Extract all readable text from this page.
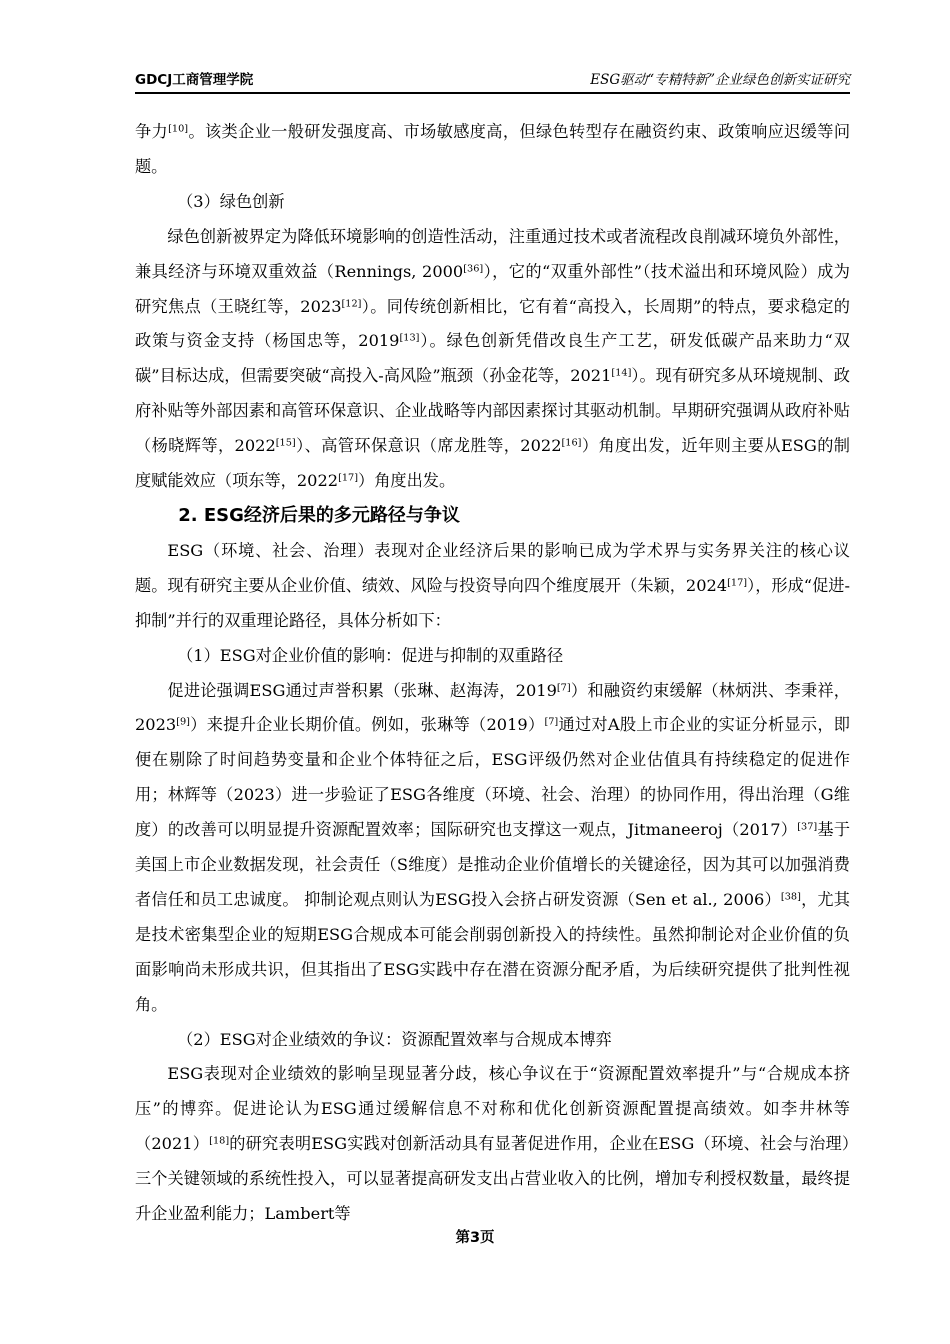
GDCJ工商管理学院	ESG驱动“专精特新”企业绿色创新实证研究

争力[10]。该类企业一般研发强度高、市场敏感度高，但绿色转型存在融资约束、政策响应迟缓等问题。

（3）绿色创新

绿色创新被界定为降低环境影响的创造性活动，注重通过技术或者流程改良削减环境负外部性，兼具经济与环境双重效益（Rennings, 2000[36]），它的“双重外部性”（技术溢出和环境风险）成为研究焦点（王晓红等，2023[12]）。同传统创新相比，它有着“高投入，长周期”的特点，要求稳定的政策与资金支持（杨国忠等，2019[13]）。绿色创新凭借改良生产工艺，研发低碳产品来助力“双碳”目标达成，但需要突破“高投入-高风险”瓶颈（孙金花等，2021[14]）。现有研究多从环境规制、政府补贴等外部因素和高管环保意识、企业战略等内部因素探讨其驱动机制。早期研究强调从政府补贴（杨晓辉等，2022[15]）、高管环保意识（席龙胜等，2022[16]）角度出发，近年则主要从ESG的制度赋能效应（项东等，2022[17]）角度出发。

2. ESG经济后果的多元路径与争议

ESG（环境、社会、治理）表现对企业经济后果的影响已成为学术界与实务界关注的核心议题。现有研究主要从企业价值、绩效、风险与投资导向四个维度展开（朱颖，2024[17]），形成“促进-抑制”并行的双重理论路径，具体分析如下：

（1）ESG对企业价值的影响：促进与抑制的双重路径

促进论强调ESG通过声誉积累（张琳、赵海涛，2019[7]）和融资约束缓解（林炳洪、李秉祥，2023[9]）来提升企业长期价值。例如，张琳等（2019）[7]通过对A股上市企业的实证分析显示，即便在剔除了时间趋势变量和企业个体特征之后，ESG评级仍然对企业估值具有持续稳定的促进作用；林辉等（2023）进一步验证了ESG各维度（环境、社会、治理）的协同作用，得出治理（G维度）的改善可以明显提升资源配置效率；国际研究也支撑这一观点，Jitmaneeroj（2017）[37]基于美国上市企业数据发现，社会责任（S维度）是推动企业价值增长的关键途径，因为其可以加强消费者信任和员工忠诚度。 抑制论观点则认为ESG投入会挤占研发资源（Sen et al., 2006）[38]，尤其是技术密集型企业的短期ESG合规成本可能会削弱创新投入的持续性。虽然抑制论对企业价值的负面影响尚未形成共识，但其指出了ESG实践中存在潜在资源分配矛盾，为后续研究提供了批判性视角。

（2）ESG对企业绩效的争议：资源配置效率与合规成本博弈

ESG表现对企业绩效的影响呈现显著分歧，核心争议在于“资源配置效率提升”与“合规成本挤压”的博弈。促进论认为ESG通过缓解信息不对称和优化创新资源配置提高绩效。如李井林等（2021）[18]的研究表明ESG实践对创新活动具有显著促进作用，企业在ESG（环境、社会与治理）三个关键领域的系统性投入，可以显著提高研发支出占营业收入的比例，增加专利授权数量，最终提升企业盈利能力；Lambert等

第3页
